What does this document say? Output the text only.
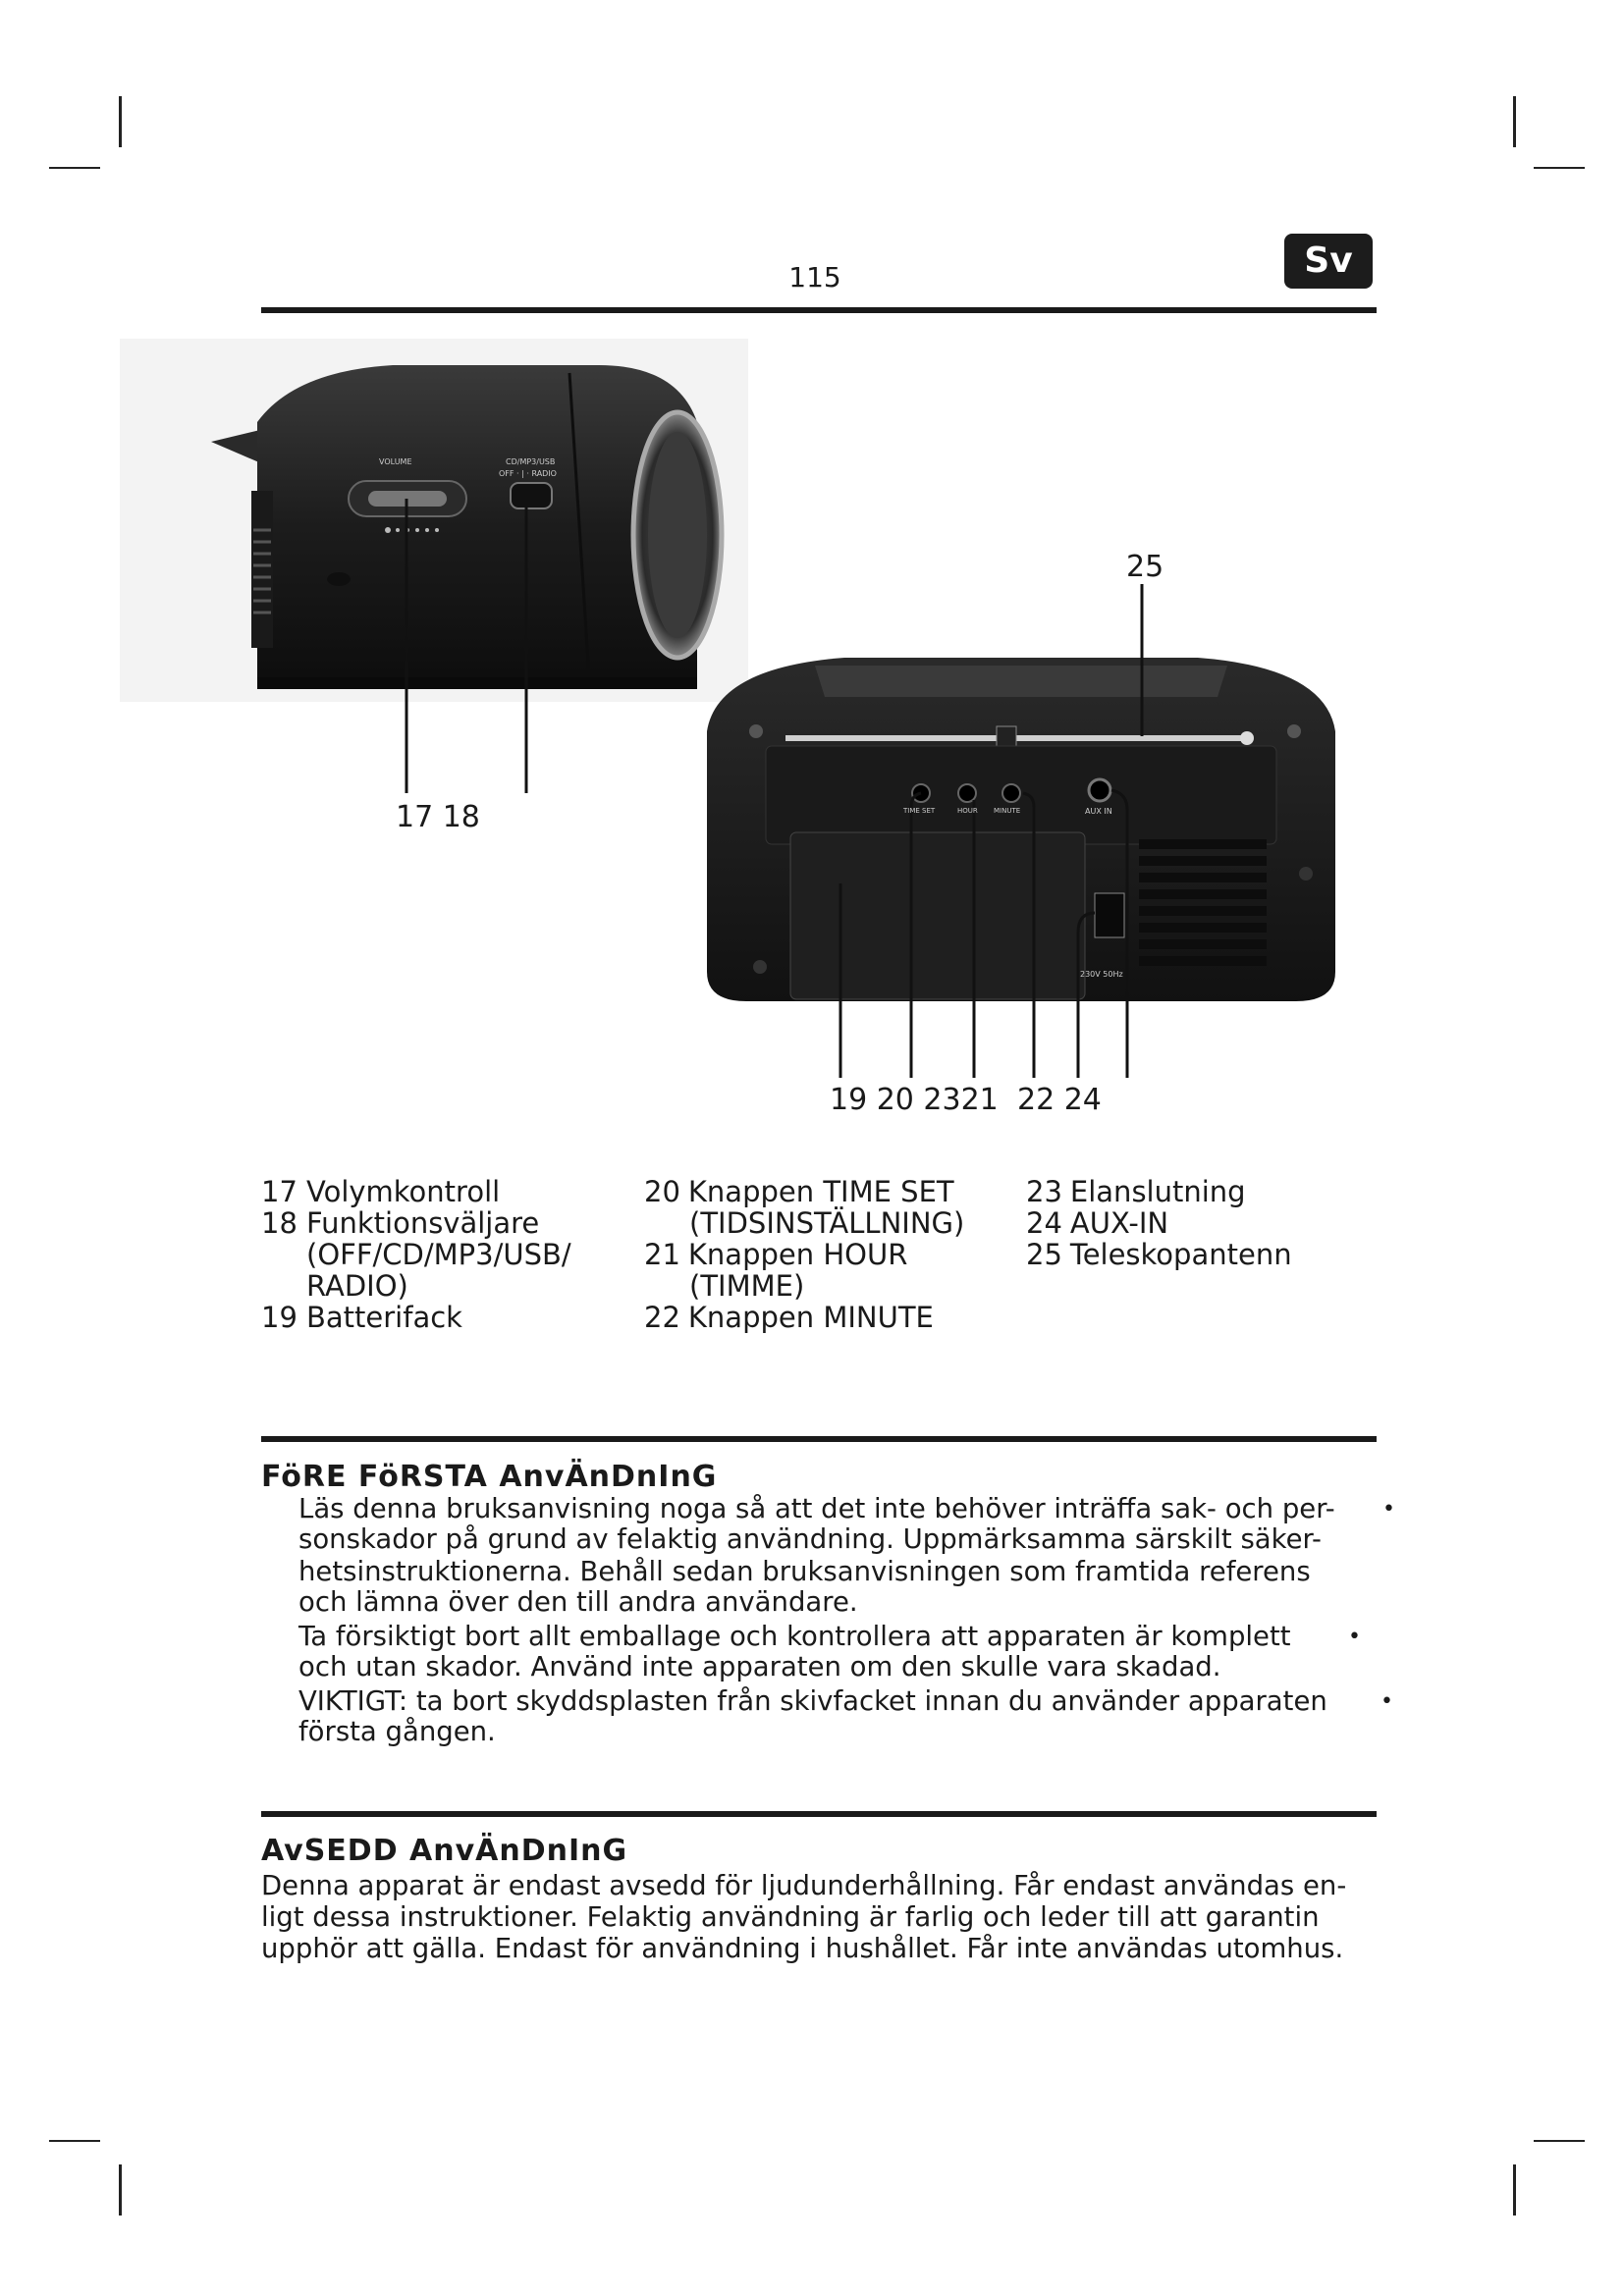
115	Sv
VOLUME	CD/MP3/USB
OFF · | · RADIO
TIME SET	HOUR MINUTE	AUX IN
230V 50Hz
17 18
25
19 20 2321 22 24
17 Volymkontroll
18 Funktionsväljare
(OFF/CD/MP3/USB/
RADIO)
19 Batterifack
20 Knappen TIME SET
(TIDSINSTÄLLNING)
21 Knappen HOUR
(TIMME)
22 Knappen MINUTE
23 Elanslutning
24 AUX-IN
25 Teleskopantenn
FöRE FöRSTA AnvÄnDnInG
Läs denna bruksanvisning noga så att det inte behöver inträffa sak- och per-
sonskador på grund av felaktig användning. Uppmärksamma särskilt säker-
hetsinstruktionerna. Behåll sedan bruksanvisningen som framtida referens
och lämna över den till andra användare.
Ta försiktigt bort allt emballage och kontrollera att apparaten är komplett
och utan skador. Använd inte apparaten om den skulle vara skadad.
VIKTIGT: ta bort skyddsplasten från skivfacket innan du använder apparaten
första gången.
•
•
•
AvSEDD AnvÄnDnInG
Denna apparat är endast avsedd för ljudunderhållning. Får endast användas en-
ligt dessa instruktioner. Felaktig användning är farlig och leder till att garantin
upphör att gälla. Endast för användning i hushållet. Får inte användas utomhus.
